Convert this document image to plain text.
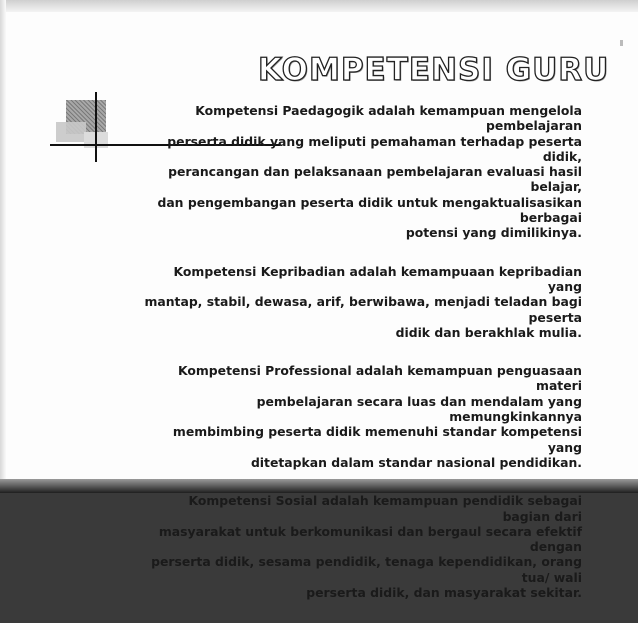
KOMPETENSI GURU

Kompetensi Paedagogik adalah kemampuan mengelola pembelajaran
perserta didik yang meliputi pemahaman terhadap peserta didik,
perancangan dan pelaksanaan pembelajaran evaluasi hasil belajar,
dan pengembangan peserta didik untuk mengaktualisasikan berbagai
potensi yang dimilikinya.

Kompetensi Kepribadian adalah kemampuaan kepribadian yang
mantap, stabil, dewasa, arif, berwibawa, menjadi teladan bagi peserta
didik dan berakhlak mulia.

Kompetensi Professional adalah kemampuan penguasaan materi
pembelajaran secara luas dan mendalam yang memungkinkannya
membimbing peserta didik memenuhi standar kompetensi yang
ditetapkan dalam standar nasional pendidikan.

Kompetensi Sosial adalah kemampuan pendidik sebagai bagian dari
masyarakat untuk berkomunikasi dan bergaul secara efektif dengan
perserta didik, sesama pendidik, tenaga kependidikan, orang tua/ wali
perserta didik, dan masyarakat sekitar.
